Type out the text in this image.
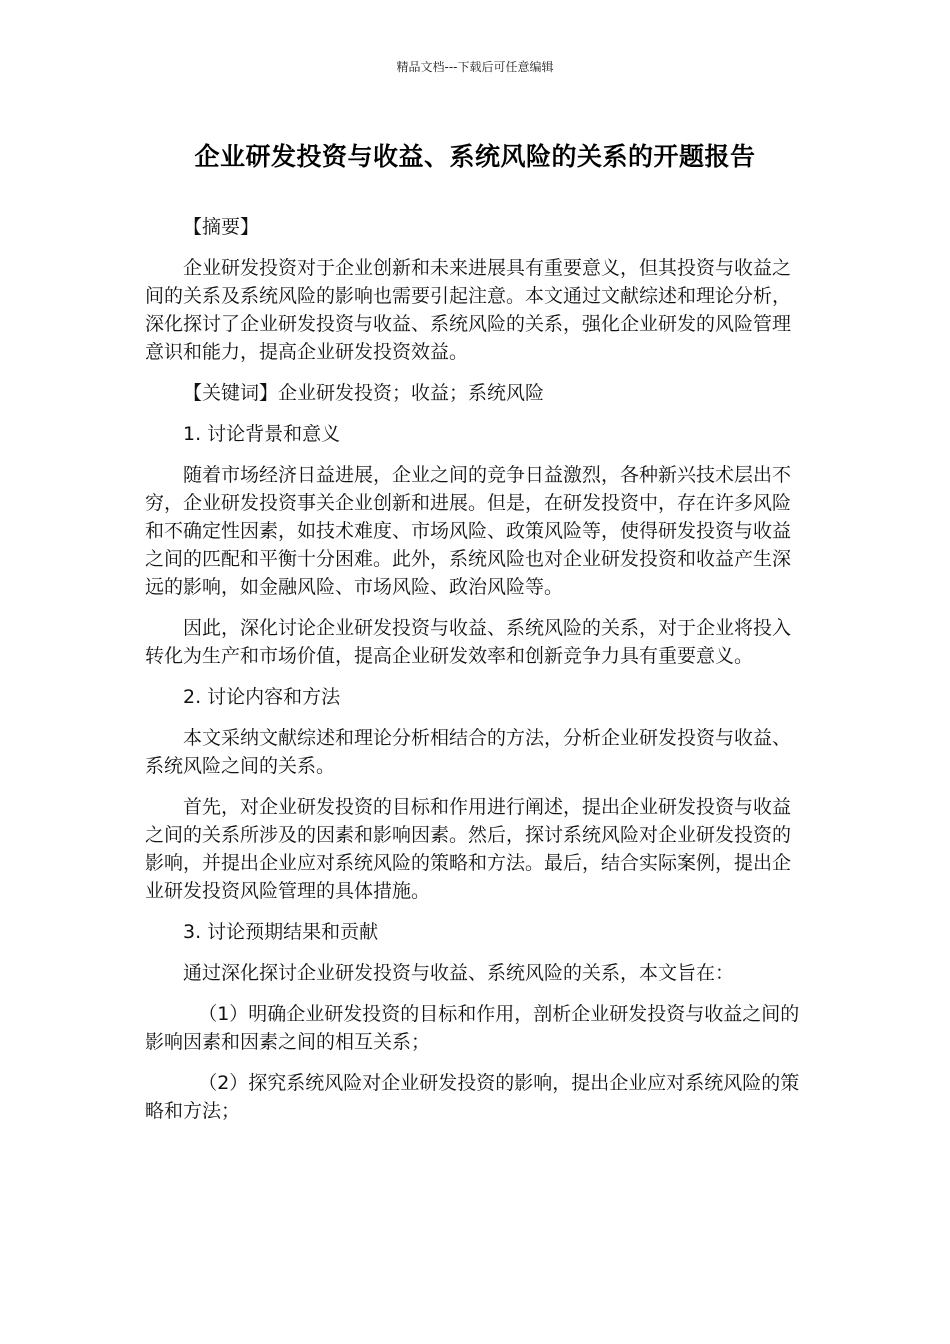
精品文档---下载后可任意编辑
企业研发投资与收益、系统风险的关系的开题报告

【摘要】

企业研发投资对于企业创新和未来进展具有重要意义，但其投资与收益之间的关系及系统风险的影响也需要引起注意。本文通过文献综述和理论分析，深化探讨了企业研发投资与收益、系统风险的关系，强化企业研发的风险管理意识和能力，提高企业研发投资效益。

【关键词】企业研发投资；收益；系统风险

1. 讨论背景和意义

随着市场经济日益进展，企业之间的竞争日益激烈，各种新兴技术层出不穷，企业研发投资事关企业创新和进展。但是，在研发投资中，存在许多风险和不确定性因素，如技术难度、市场风险、政策风险等，使得研发投资与收益之间的匹配和平衡十分困难。此外，系统风险也对企业研发投资和收益产生深远的影响，如金融风险、市场风险、政治风险等。

因此，深化讨论企业研发投资与收益、系统风险的关系，对于企业将投入转化为生产和市场价值，提高企业研发效率和创新竞争力具有重要意义。

2. 讨论内容和方法

本文采纳文献综述和理论分析相结合的方法，分析企业研发投资与收益、系统风险之间的关系。

首先，对企业研发投资的目标和作用进行阐述，提出企业研发投资与收益之间的关系所涉及的因素和影响因素。然后，探讨系统风险对企业研发投资的影响，并提出企业应对系统风险的策略和方法。最后，结合实际案例，提出企业研发投资风险管理的具体措施。

3. 讨论预期结果和贡献

通过深化探讨企业研发投资与收益、系统风险的关系，本文旨在：

（1）明确企业研发投资的目标和作用，剖析企业研发投资与收益之间的影响因素和因素之间的相互关系；

（2）探究系统风险对企业研发投资的影响，提出企业应对系统风险的策略和方法；
